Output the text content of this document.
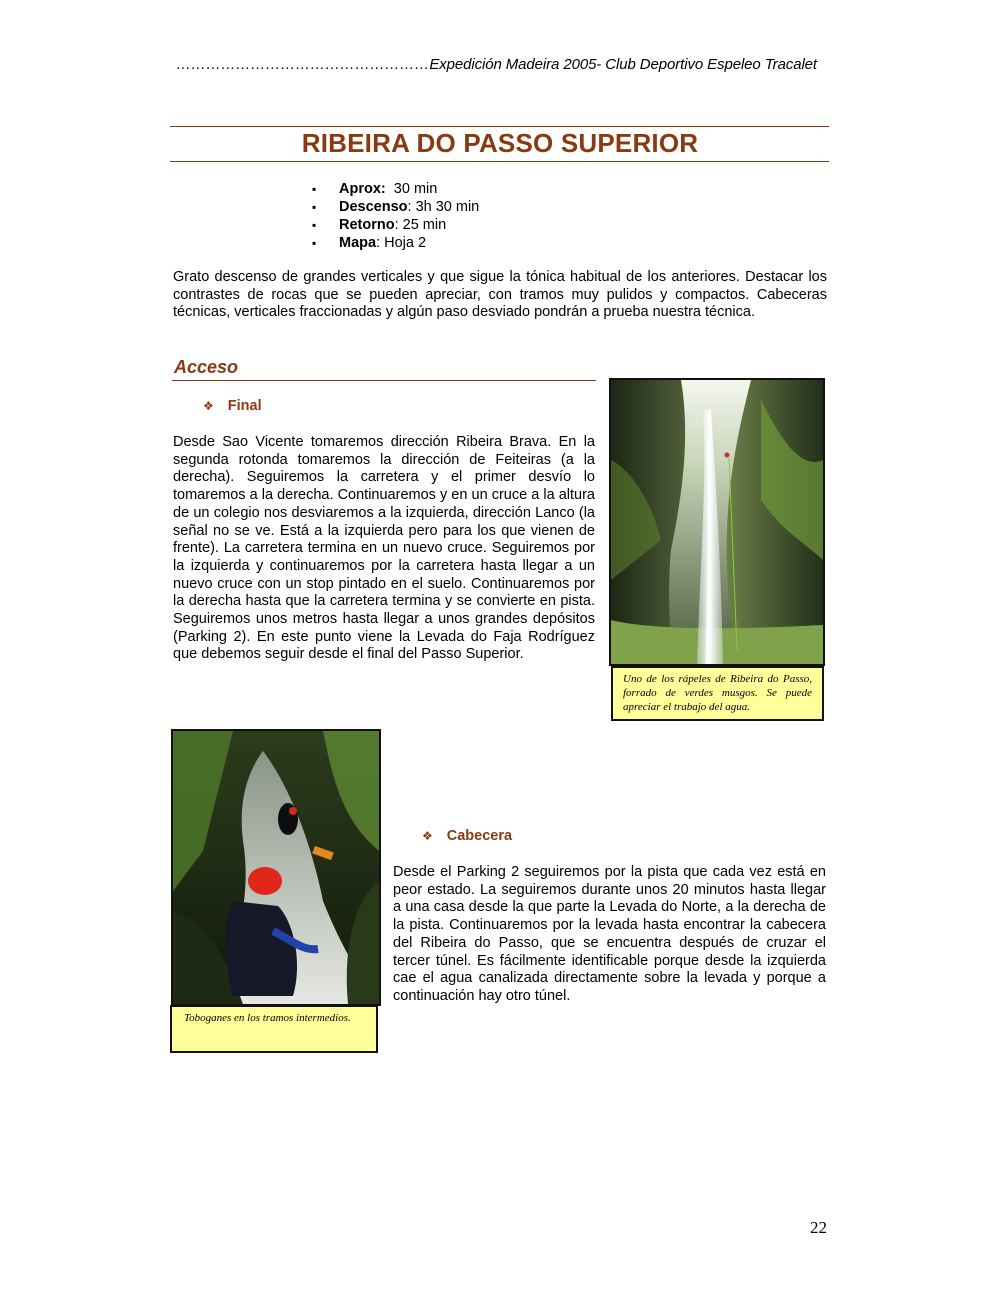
……………………………………………Expedición Madeira 2005- Club Deportivo Espeleo Tracalet
RIBEIRA DO PASSO SUPERIOR
▪	Aprox:  30 min
▪	Descenso: 3h 30 min
▪	Retorno: 25 min
▪	Mapa: Hoja 2
Grato descenso de grandes verticales y que sigue la tónica habitual de los anteriores. Destacar los contrastes de rocas que se pueden apreciar, con tramos muy pulidos y compactos. Cabeceras técnicas, verticales fraccionadas y algún paso desviado pondrán a prueba nuestra técnica.
Acceso
❖ Final
Desde Sao Vicente tomaremos dirección Ribeira Brava. En la segunda rotonda tomaremos la dirección de Feiteiras (a la derecha). Seguiremos la carretera y el primer desvío lo tomaremos a la derecha. Continuaremos y en un cruce a la altura de un colegio nos desviaremos a la izquierda, dirección Lanco (la señal no se ve. Está a la izquierda pero para los que vienen de frente). La carretera termina en un nuevo cruce. Seguiremos por la izquierda y continuaremos por la carretera hasta llegar a un nuevo cruce con un stop pintado en el suelo. Continuaremos por la derecha hasta que la carretera termina y se convierte en pista. Seguiremos unos metros hasta llegar a unos grandes depósitos (Parking 2). En este punto viene la Levada do Faja Rodríguez que debemos seguir desde el final del Passo Superior.
Uno de los rápeles de Ribeira do Passo, forrado de verdes musgos. Se puede apreciar el trabajo del agua.
Toboganes en los tramos intermedios.
❖ Cabecera
Desde el Parking 2 seguiremos por la pista que cada vez está en peor estado. La seguiremos durante unos 20 minutos hasta llegar a una casa desde la que parte la Levada do Norte, a la derecha de la pista. Continuaremos por la levada hasta encontrar la cabecera del Ribeira do Passo, que se encuentra después de cruzar el tercer túnel. Es fácilmente identificable porque desde la izquierda cae el agua canalizada directamente sobre la levada y porque a continuación hay otro túnel.
22
